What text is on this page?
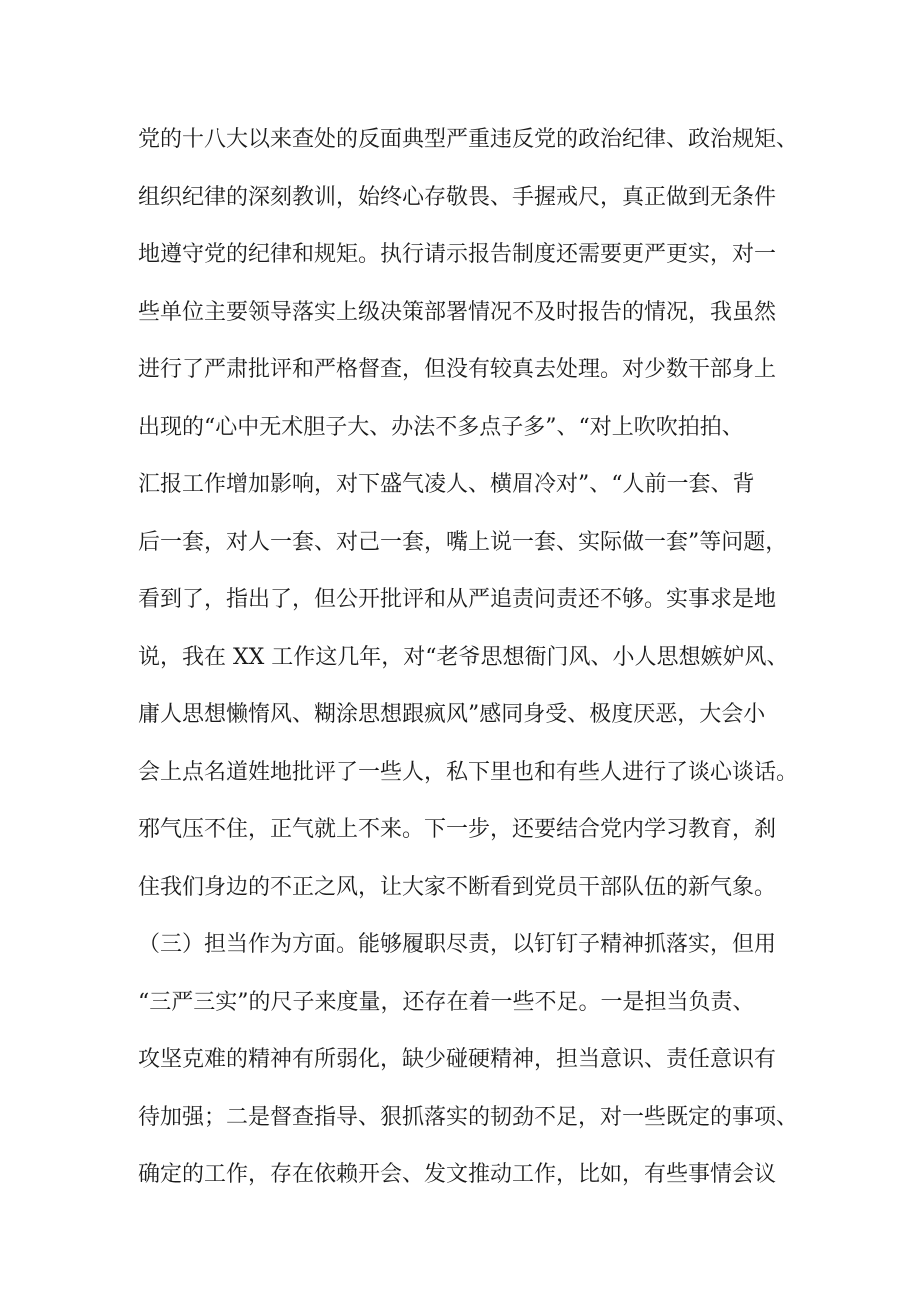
党的十八大以来查处的反面典型严重违反党的政治纪律、政治规矩、
组织纪律的深刻教训，始终心存敬畏、手握戒尺，真正做到无条件
地遵守党的纪律和规矩。执行请示报告制度还需要更严更实，对一
些单位主要领导落实上级决策部署情况不及时报告的情况，我虽然
进行了严肃批评和严格督查，但没有较真去处理。对少数干部身上
出现的“心中无术胆子大、办法不多点子多”、“对上吹吹拍拍、
汇报工作增加影响，对下盛气凌人、横眉冷对”、“人前一套、背
后一套，对人一套、对己一套，嘴上说一套、实际做一套”等问题，
看到了，指出了，但公开批评和从严追责问责还不够。实事求是地
说，我在 XX 工作这几年，对“老爷思想衙门风、小人思想嫉妒风、
庸人思想懒惰风、糊涂思想跟疯风”感同身受、极度厌恶，大会小
会上点名道姓地批评了一些人，私下里也和有些人进行了谈心谈话。
邪气压不住，正气就上不来。下一步，还要结合党内学习教育，刹
住我们身边的不正之风，让大家不断看到党员干部队伍的新气象。
（三）担当作为方面。能够履职尽责，以钉钉子精神抓落实，但用
“三严三实”的尺子来度量，还存在着一些不足。一是担当负责、
攻坚克难的精神有所弱化，缺少碰硬精神，担当意识、责任意识有
待加强；二是督查指导、狠抓落实的韧劲不足，对一些既定的事项、
确定的工作，存在依赖开会、发文推动工作，比如，有些事情会议
